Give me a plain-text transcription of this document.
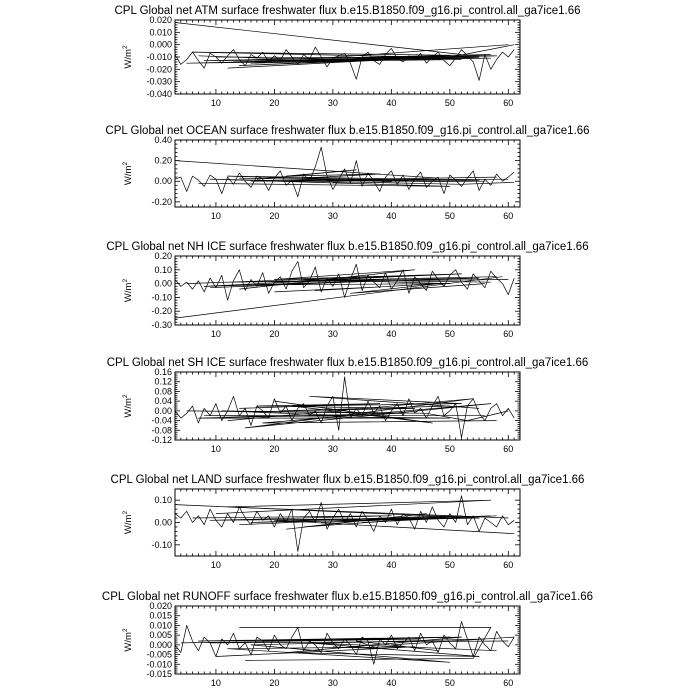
CPL Global net ATM surface freshwater flux b.e15.B1850.f09_g16.pi_control.all_ga7ice1.66
10	20	30	40	50	60
-0.040
-0.030
-0.020
-0.010
0.000
0.010
0.020
$W/m^2$
CPL Global net OCEAN surface freshwater flux b.e15.B1850.f09_g16.pi_control.all_ga7ice1.66
10	20	30	40	50	60
-0.20
0.00
0.20
0.40
$W/m^2$
CPL Global net NH ICE surface freshwater flux b.e15.B1850.f09_g16.pi_control.all_ga7ice1.66
10	20	30	40	50	60
-0.30
-0.20
-0.10
0.00
0.10
0.20
$W/m^2$
CPL Global net SH ICE surface freshwater flux b.e15.B1850.f09_g16.pi_control.all_ga7ice1.66
10	20	30	40	50	60
-0.12
-0.08
-0.04
0.00
0.04
0.08
0.12
0.16
$W/m^2$
CPL Global net LAND surface freshwater flux b.e15.B1850.f09_g16.pi_control.all_ga7ice1.66
10	20	30	40	50	60
-0.10
0.00
0.10
$W/m^2$
CPL Global net RUNOFF surface freshwater flux b.e15.B1850.f09_g16.pi_control.all_ga7ice1.66
10	20	30	40	50	60
-0.015
-0.010
-0.005
0.000
0.005
0.010
0.015
0.020
$W/m^2$
